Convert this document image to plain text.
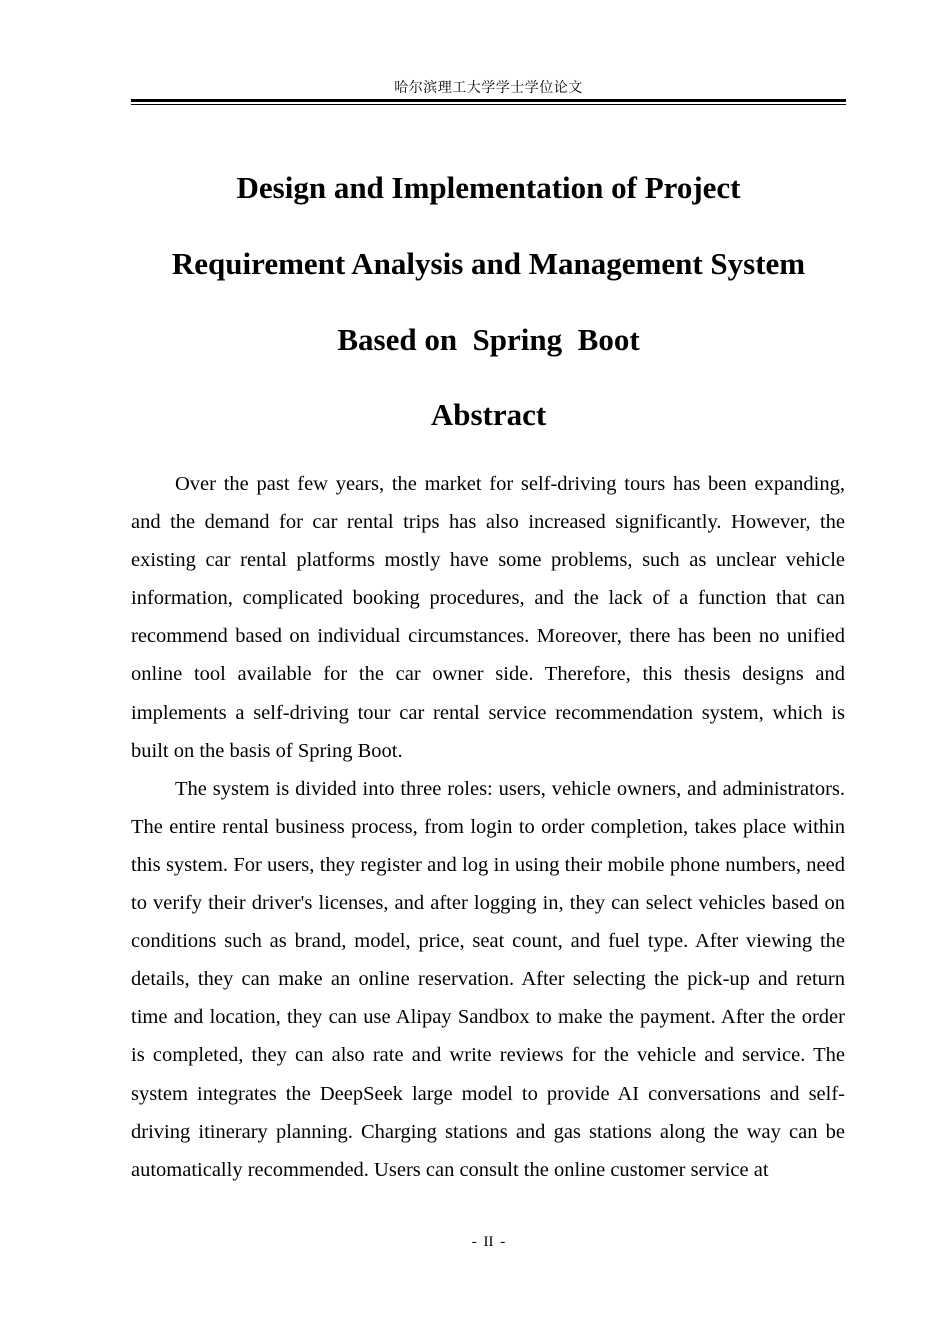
哈尔滨理工大学学士学位论文
Design and Implementation of Project
Requirement Analysis and Management System
Based on  Spring  Boot
Abstract

Over the past few years, the market for self-driving tours has been expanding, and the demand for car rental trips has also increased significantly. However, the existing car rental platforms mostly have some problems, such as unclear vehicle information, complicated booking procedures, and the lack of a function that can recommend based on individual circumstances. Moreover, there has been no unified online tool available for the car owner side. Therefore, this thesis designs and implements a self-driving tour car rental service recommendation system, which is built on the basis of Spring Boot.

The system is divided into three roles: users, vehicle owners, and administrators. The entire rental business process, from login to order completion, takes place within this system. For users, they register and log in using their mobile phone numbers, need to verify their driver's licenses, and after logging in, they can select vehicles based on conditions such as brand, model, price, seat count, and fuel type. After viewing the details, they can make an online reservation. After selecting the pick-up and return time and location, they can use Alipay Sandbox to make the payment. After the order is completed, they can also rate and write reviews for the vehicle and service. The system integrates the DeepSeek large model to provide AI conversations and self-driving itinerary planning. Charging stations and gas stations along the way can be automatically recommended. Users can consult the online customer service at

- II -
